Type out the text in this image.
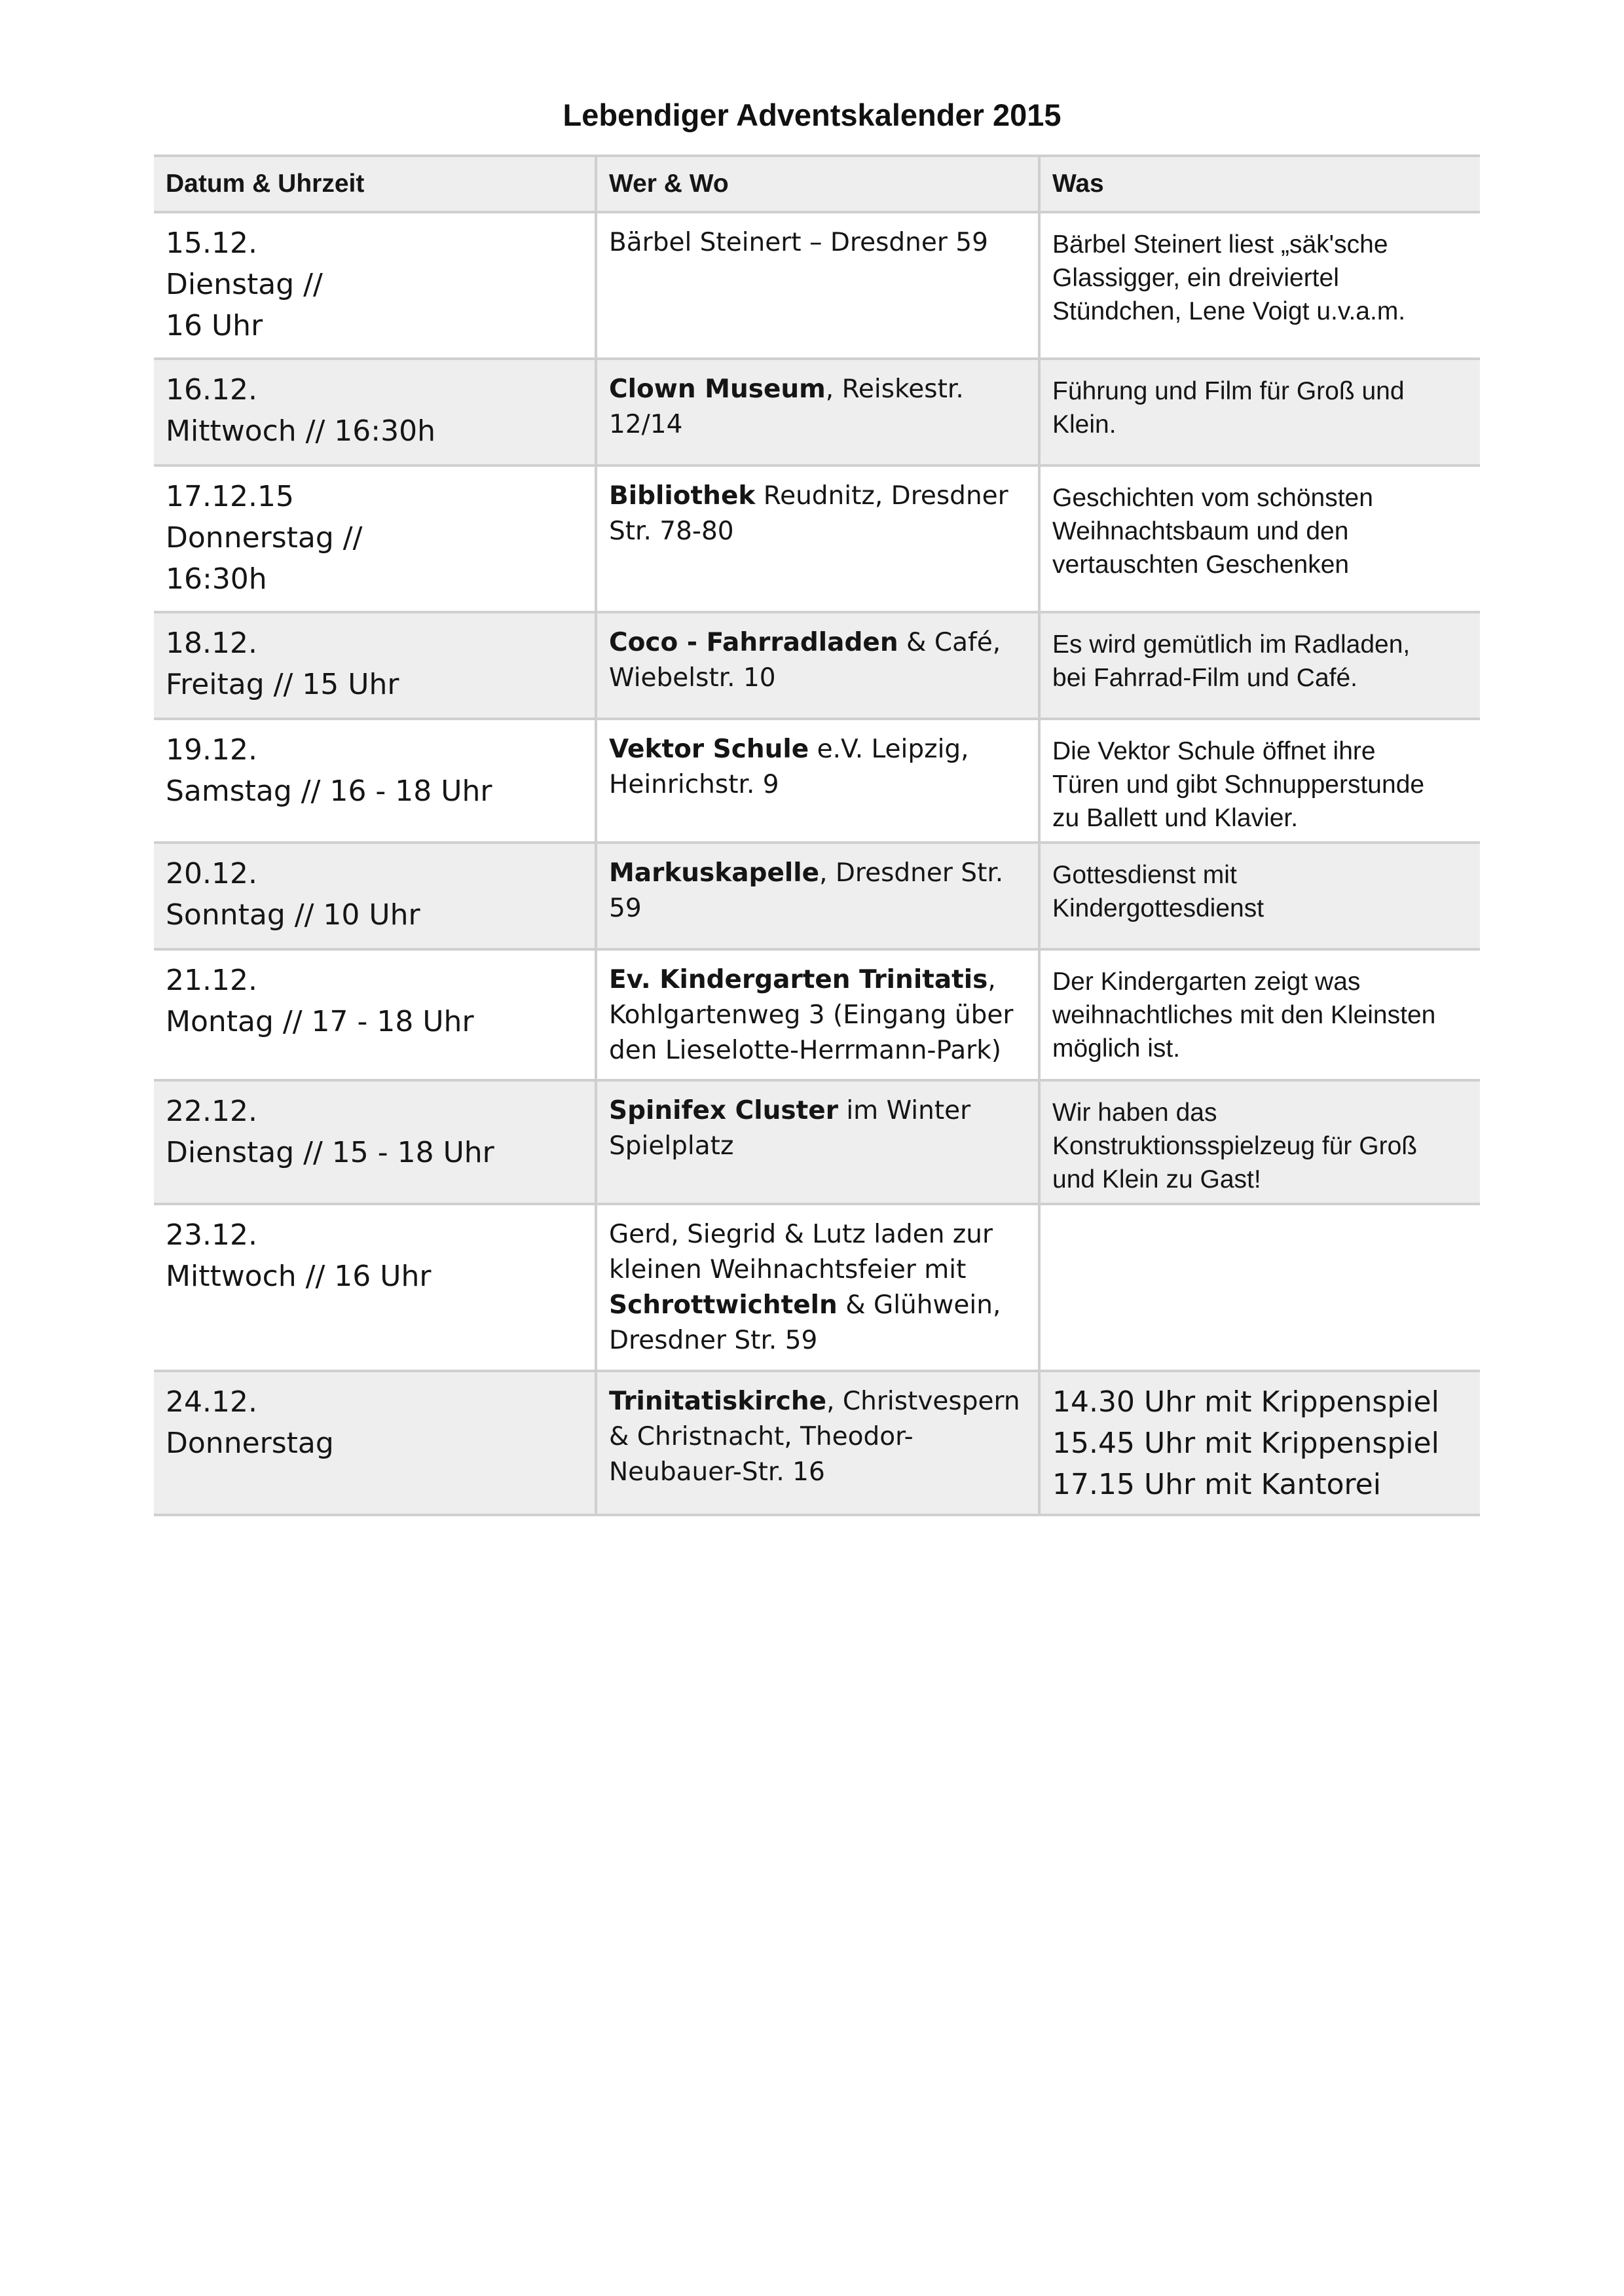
Lebendiger Adventskalender 2015
Datum & Uhrzeit	Wer & Wo	Was

15.12.
Dienstag //
16 Uhr	Bärbel Steinert – Dresdner 59	Bärbel Steinert liest „säk'sche
Glassigger, ein dreiviertel
Stündchen, Lene Voigt u.v.a.m.

16.12.
Mittwoch // 16:30h	Clown Museum, Reiskestr. 12/14	Führung und Film für Groß und
Klein.

17.12.15
Donnerstag //
16:30h	Bibliothek Reudnitz, Dresdner Str. 78-80	Geschichten vom schönsten
Weihnachtsbaum und den
vertauschten Geschenken

18.12.
Freitag // 15 Uhr	Coco - Fahrradladen & Café, Wiebelstr. 10	Es wird gemütlich im Radladen,
bei Fahrrad-Film und Café.

19.12.
Samstag // 16 - 18 Uhr	Vektor Schule e.V. Leipzig, Heinrichstr. 9	Die Vektor Schule öffnet ihre
Türen und gibt Schnupperstunde
zu Ballett und Klavier.

20.12.
Sonntag // 10 Uhr	Markuskapelle, Dresdner Str. 59	Gottesdienst mit
Kindergottesdienst

21.12.
Montag // 17 - 18 Uhr	Ev. Kindergarten Trinitatis, Kohlgartenweg 3 (Eingang über den Lieselotte-Herrmann-Park)	Der Kindergarten zeigt was
weihnachtliches mit den Kleinsten
möglich ist.

22.12.
Dienstag // 15 - 18 Uhr	Spinifex Cluster im Winter Spielplatz	Wir haben das
Konstruktionsspielzeug für Groß
und Klein zu Gast!

23.12.
Mittwoch // 16 Uhr	Gerd, Siegrid & Lutz laden zur kleinen Weihnachtsfeier mit Schrottwichteln & Glühwein, Dresdner Str. 59	

24.12.
Donnerstag	Trinitatiskirche, Christvespern & Christnacht, Theodor-Neubauer-Str. 16	14.30 Uhr mit Krippenspiel
15.45 Uhr mit Krippenspiel
17.15 Uhr mit Kantorei
